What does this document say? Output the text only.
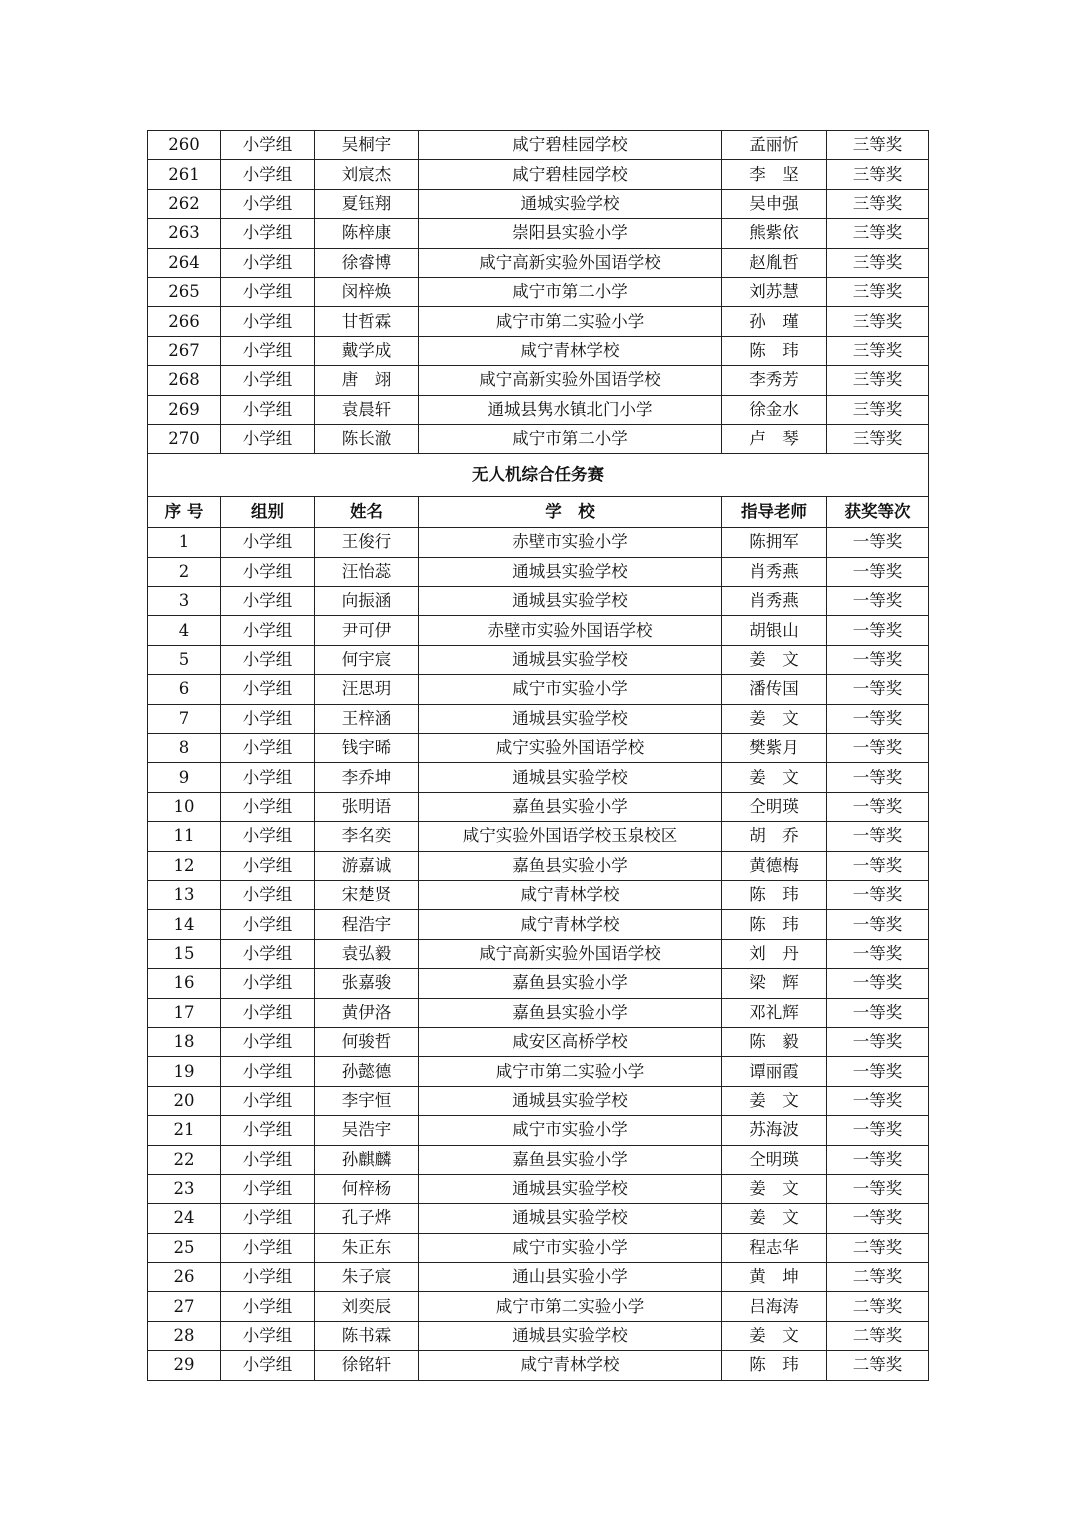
260	小学组	吴桐宇	咸宁碧桂园学校	孟丽忻	三等奖
261	小学组	刘宸杰	咸宁碧桂园学校	李　坚	三等奖
262	小学组	夏钰翔	通城实验学校	吴申强	三等奖
263	小学组	陈梓康	崇阳县实验小学	熊紫依	三等奖
264	小学组	徐睿博	咸宁高新实验外国语学校	赵胤哲	三等奖
265	小学组	闵梓焕	咸宁市第二小学	刘苏慧	三等奖
266	小学组	甘哲霖	咸宁市第二实验小学	孙　瑾	三等奖
267	小学组	戴学成	咸宁青林学校	陈　玮	三等奖
268	小学组	唐　翊	咸宁高新实验外国语学校	李秀芳	三等奖
269	小学组	袁晨轩	通城县隽水镇北门小学	徐金水	三等奖
270	小学组	陈长澈	咸宁市第二小学	卢　琴	三等奖
无人机综合任务赛					
序 号	组别	姓名	学　校	指导老师	获奖等次
1	小学组	王俊行	赤壁市实验小学	陈拥军	一等奖
2	小学组	汪怡蕊	通城县实验学校	肖秀燕	一等奖
3	小学组	向振涵	通城县实验学校	肖秀燕	一等奖
4	小学组	尹可伊	赤壁市实验外国语学校	胡银山	一等奖
5	小学组	何宇宸	通城县实验学校	姜　文	一等奖
6	小学组	汪思玥	咸宁市实验小学	潘传国	一等奖
7	小学组	王梓涵	通城县实验学校	姜　文	一等奖
8	小学组	钱宇晞	咸宁实验外国语学校	樊紫月	一等奖
9	小学组	李乔坤	通城县实验学校	姜　文	一等奖
10	小学组	张明语	嘉鱼县实验小学	仝明瑛	一等奖
11	小学组	李名奕	咸宁实验外国语学校玉泉校区	胡　乔	一等奖
12	小学组	游嘉诚	嘉鱼县实验小学	黄德梅	一等奖
13	小学组	宋楚贤	咸宁青林学校	陈　玮	一等奖
14	小学组	程浩宇	咸宁青林学校	陈　玮	一等奖
15	小学组	袁弘毅	咸宁高新实验外国语学校	刘　丹	一等奖
16	小学组	张嘉骏	嘉鱼县实验小学	梁　辉	一等奖
17	小学组	黄伊洛	嘉鱼县实验小学	邓礼辉	一等奖
18	小学组	何骏哲	咸安区高桥学校	陈　毅	一等奖
19	小学组	孙懿德	咸宁市第二实验小学	谭丽霞	一等奖
20	小学组	李宇恒	通城县实验学校	姜　文	一等奖
21	小学组	吴浩宇	咸宁市实验小学	苏海波	一等奖
22	小学组	孙麒麟	嘉鱼县实验小学	仝明瑛	一等奖
23	小学组	何梓杨	通城县实验学校	姜　文	一等奖
24	小学组	孔子烨	通城县实验学校	姜　文	一等奖
25	小学组	朱正东	咸宁市实验小学	程志华	二等奖
26	小学组	朱子宸	通山县实验小学	黄　坤	二等奖
27	小学组	刘奕辰	咸宁市第二实验小学	吕海涛	二等奖
28	小学组	陈书霖	通城县实验学校	姜　文	二等奖
29	小学组	徐铭轩	咸宁青林学校	陈　玮	二等奖
